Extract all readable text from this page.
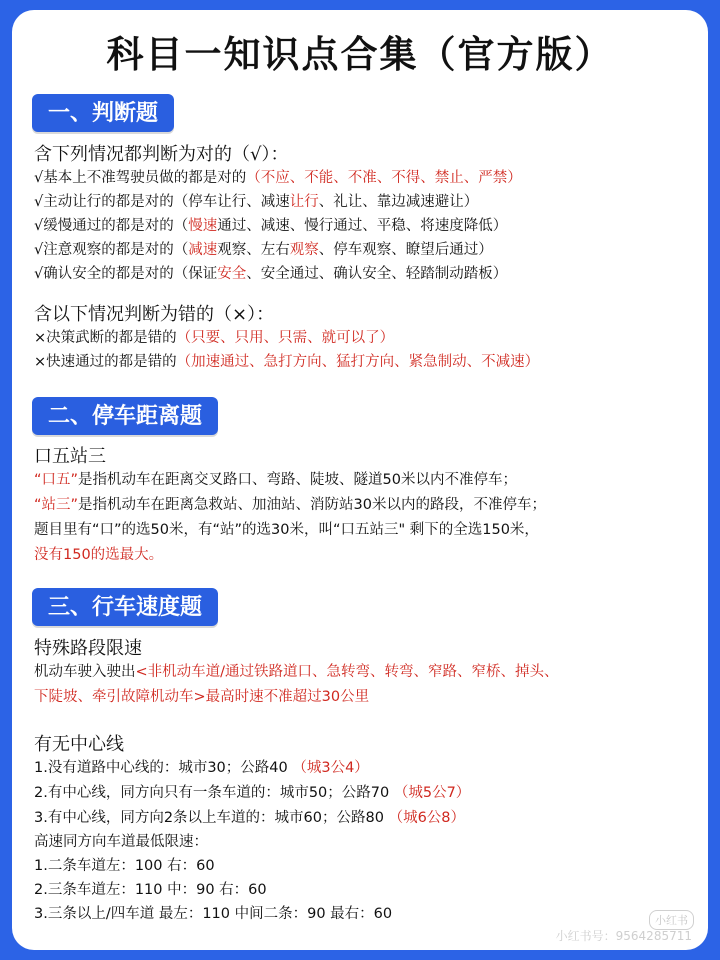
科目一知识点合集（官方版）
一、判断题
含下列情况都判断为对的（√）：
√基本上不准驾驶员做的都是对的（不应、不能、不准、不得、禁止、严禁）
√主动让行的都是对的（停车让行、减速让行、礼让、靠边减速避让）
√缓慢通过的都是对的（慢速通过、减速、慢行通过、平稳、将速度降低）
√注意观察的都是对的（减速观察、左右观察、停车观察、瞭望后通过）
√确认安全的都是对的（保证安全、安全通过、确认安全、轻踏制动踏板）
含以下情况判断为错的（×）：
×决策武断的都是错的（只要、只用、只需、就可以了）
×快速通过的都是错的（加速通过、急打方向、猛打方向、紧急制动、不减速）
二、停车距离题
口五站三
“口五”是指机动车在距离交叉路口、弯路、陡坡、隧道50米以内不准停车；
“站三”是指机动车在距离急救站、加油站、消防站30米以内的路段，不准停车；
题目里有“口”的选50米，有“站”的选30米，叫“口五站三" 剩下的全选150米，
没有150的选最大。
三、行车速度题
特殊路段限速
机动车驶入驶出<非机动车道/通过铁路道口、急转弯、转弯、窄路、窄桥、掉头、
下陡坡、牵引故障机动车>最高时速不准超过30公里
有无中心线
1.没有道路中心线的：城市30；公路40 （城3公4）
2.有中心线，同方向只有一条车道的：城市50；公路70 （城5公7）
3.有中心线，同方向2条以上车道的：城市60；公路80 （城6公8）
高速同方向车道最低限速：
1.二条车道左：100 右：60
2.三条车道左：110 中：90 右：60
3.三条以上/四车道 最左：110 中间二条：90 最右：60	小红书
小红书号：9564285711
